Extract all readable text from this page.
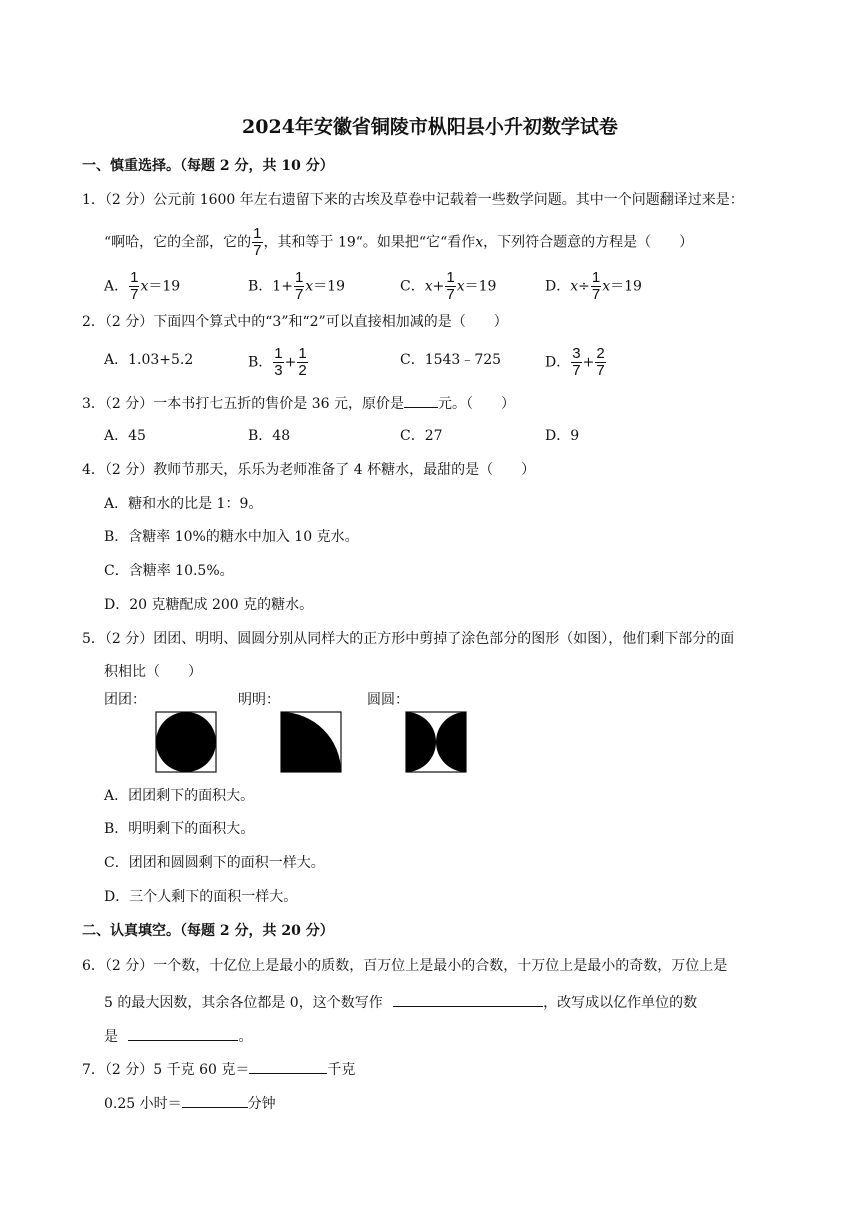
2024年安徽省铜陵市枞阳县小升初数学试卷
一、慎重选择。（每题 2 分，共 10 分）
1．（2 分）公元前 1600 年左右遗留下来的古埃及草卷中记载着一些数学问题。其中一个问题翻译过来是：
“啊哈，它的全部，它的 $\frac{1}{7}$ ，其和等于 19“。如果把“它“看作x，下列符合题意的方程是（　　）
A． $\frac{1}{7} x=19$	B．$1+ \frac{1}{7} x=19$	C．$x+ \frac{1}{7} x=19$	D．$x\div \frac{1}{7} x=19$
2．（2 分）下面四个算式中的“3”和“2”可以直接相加减的是（　　）
A．1.03+5.2	B． $\frac{1}{3} + \frac{1}{2}$	C．1543﹣725	D． $\frac{3}{7} + \frac{2}{7}$
3．（2 分）一本书打七五折的售价是 36 元，原价是 元。（　　）
A．45	B．48	C．27	D．9
4．（2 分）教师节那天，乐乐为老师准备了 4 杯糖水，最甜的是（　　）
A．糖和水的比是 1：9。
B．含糖率 10%的糖水中加入 10 克水。
C．含糖率 10.5%。
D．20 克糖配成 200 克的糖水。
5．（2 分）团团、明明、圆圆分别从同样大的正方形中剪掉了涂色部分的图形（如图），他们剩下部分的面
积相比（　　）
团团：	明明：	圆圆：
A．团团剩下的面积大。
B．明明剩下的面积大。
C．团团和圆圆剩下的面积一样大。
D．三个人剩下的面积一样大。
二、认真填空。（每题 2 分，共 20 分）
6．（2 分）一个数，十亿位上是最小的质数，百万位上是最小的合数，十万位上是最小的奇数，万位上是
5 的最大因数，其余各位都是 0，这个数写作	，改写成以亿作单位的数
是	。
7．（2 分）5 千克 60 克＝	千克
0.25 小时＝	分钟
